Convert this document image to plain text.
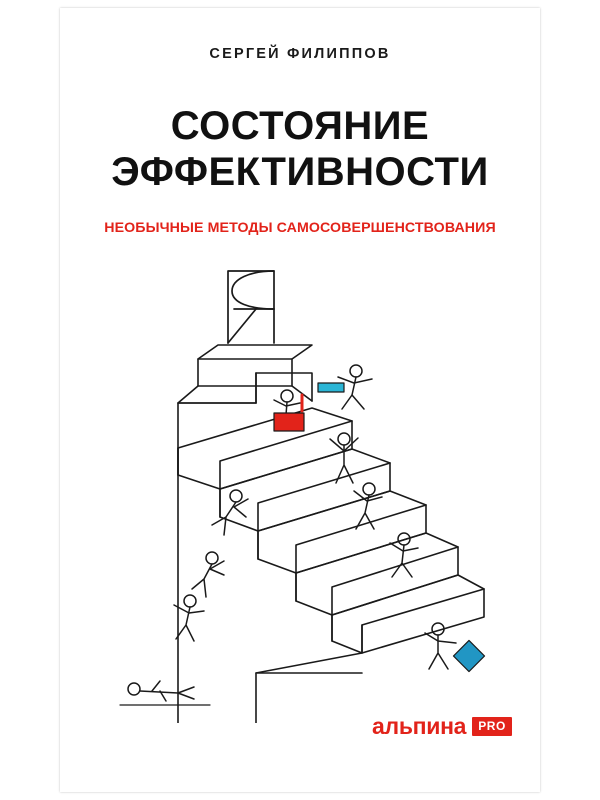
СЕРГЕЙ ФИЛИППОВ
СОСТОЯНИЕ
ЭФФЕКТИВНОСТИ
НЕОБЫЧНЫЕ МЕТОДЫ САМОСОВЕРШЕНСТВОВАНИЯ
альпина	PRO
